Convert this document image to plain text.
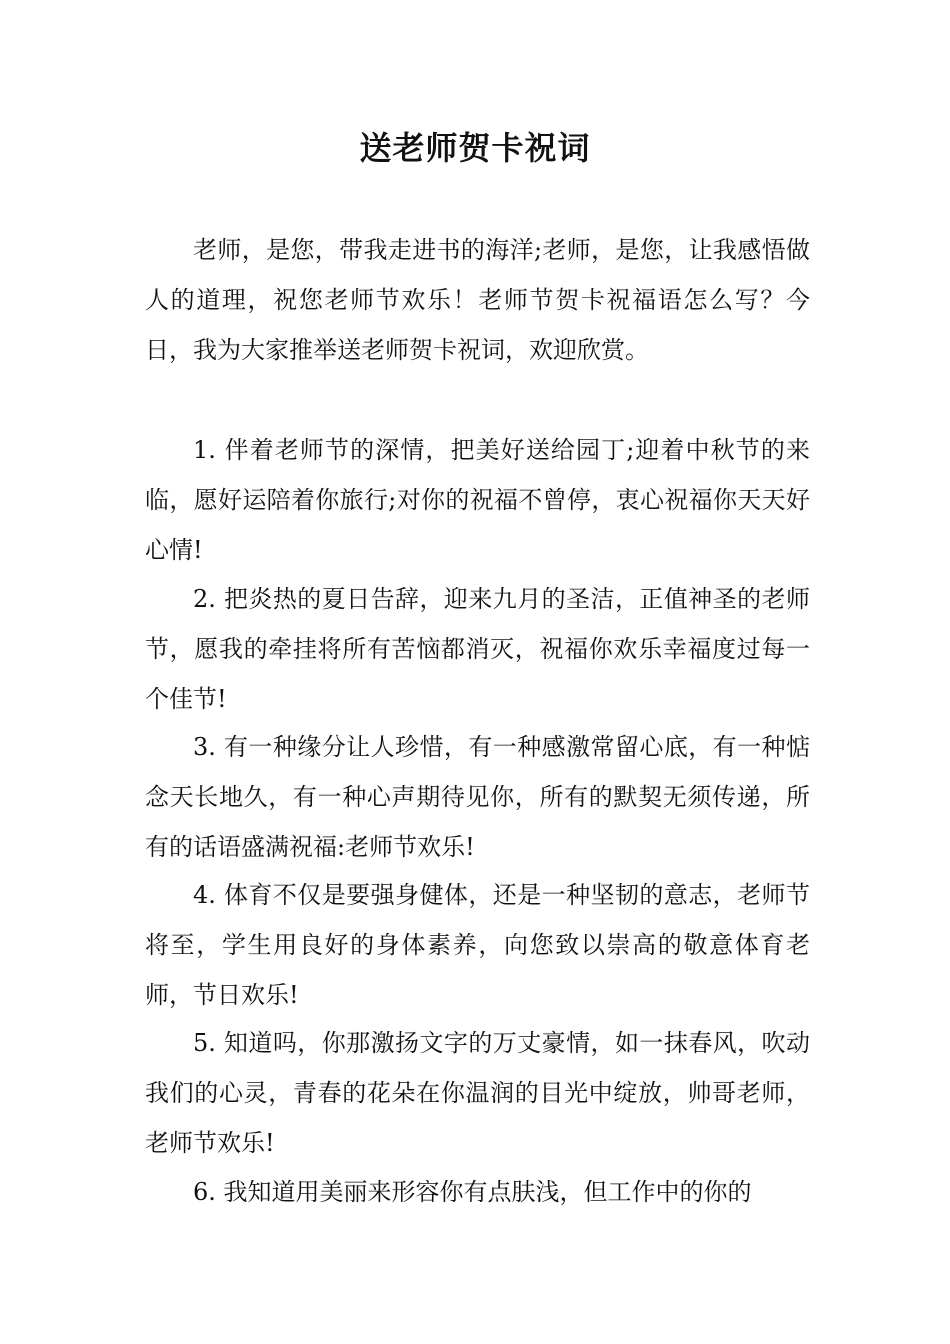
送老师贺卡祝词

老师，是您，带我走进书的海洋;老师，是您，让我感悟做人的道理，祝您老师节欢乐！老师节贺卡祝福语怎么写？今日，我为大家推举送老师贺卡祝词，欢迎欣赏。

1. 伴着老师节的深情，把美好送给园丁;迎着中秋节的来临，愿好运陪着你旅行;对你的祝福不曾停，衷心祝福你天天好心情!

2. 把炎热的夏日告辞，迎来九月的圣洁，正值神圣的老师节，愿我的牵挂将所有苦恼都消灭，祝福你欢乐幸福度过每一个佳节!

3. 有一种缘分让人珍惜，有一种感激常留心底，有一种惦念天长地久，有一种心声期待见你，所有的默契无须传递，所有的话语盛满祝福:老师节欢乐!

4. 体育不仅是要强身健体，还是一种坚韧的意志，老师节将至，学生用良好的身体素养，向您致以崇高的敬意体育老师，节日欢乐!

5. 知道吗，你那激扬文字的万丈豪情，如一抹春风，吹动我们的心灵，青春的花朵在你温润的目光中绽放，帅哥老师，老师节欢乐!

6. 我知道用美丽来形容你有点肤浅，但工作中的你的
